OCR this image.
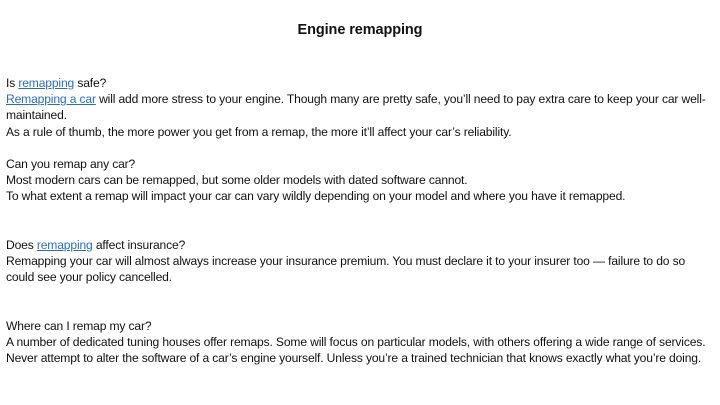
Engine remapping

Is remapping safe?

Remapping a car will add more stress to your engine. Though many are pretty safe, you’ll need to pay extra care to keep your car well-maintained.

As a rule of thumb, the more power you get from a remap, the more it’ll affect your car’s reliability.

Can you remap any car?

Most modern cars can be remapped, but some older models with dated software cannot.

To what extent a remap will impact your car can vary wildly depending on your model and where you have it remapped.

Does remapping affect insurance?

Remapping your car will almost always increase your insurance premium. You must declare it to your insurer too — failure to do so could see your policy cancelled.

Where can I remap my car?

A number of dedicated tuning houses offer remaps. Some will focus on particular models, with others offering a wide range of services.

Never attempt to alter the software of a car’s engine yourself. Unless you’re a trained technician that knows exactly what you’re doing.
